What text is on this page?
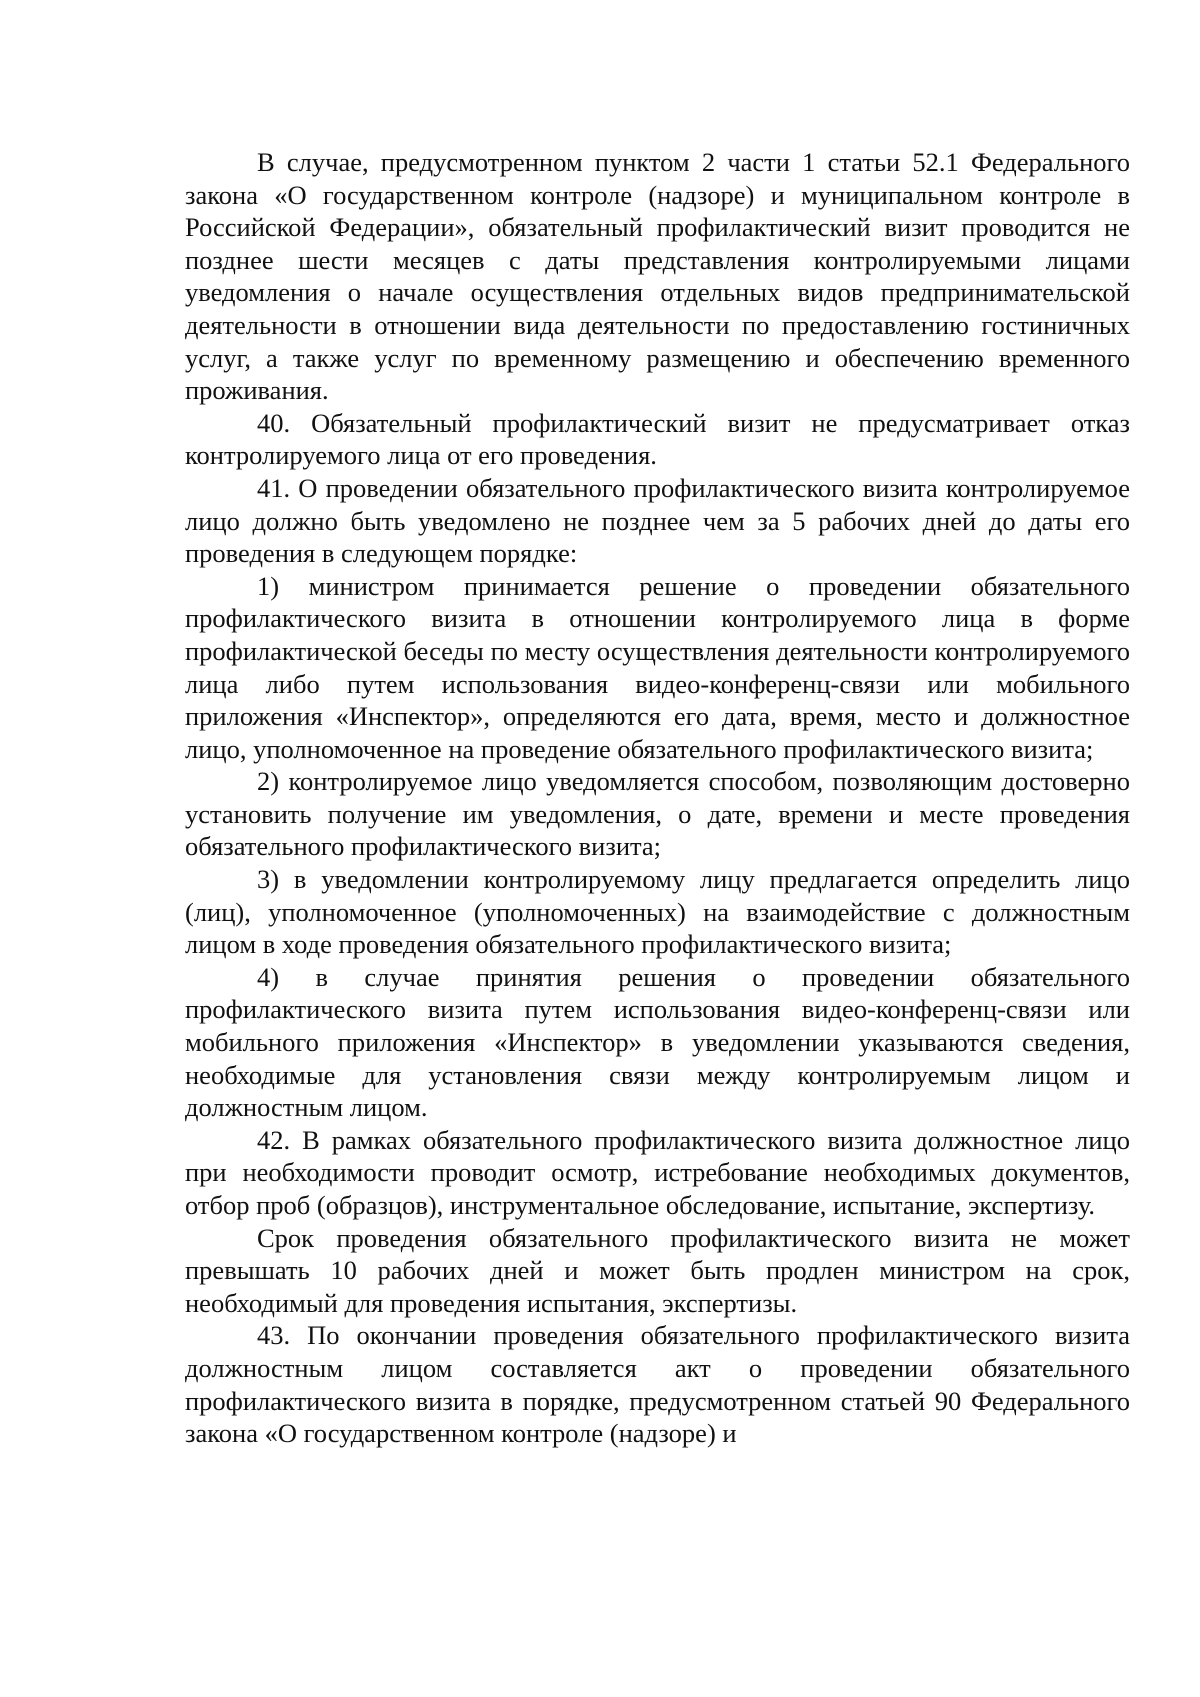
В случае, предусмотренном пунктом 2 части 1 статьи 52.1 Федерального закона «О государственном контроле (надзоре) и муниципальном контроле в Российской Федерации», обязательный профилактический визит проводится не позднее шести месяцев с даты представления контролируемыми лицами уведомления о начале осуществления отдельных видов предпринимательской деятельности в отношении вида деятельности по предоставлению гостиничных услуг, а также услуг по временному размещению и обеспечению временного проживания.

40. Обязательный профилактический визит не предусматривает отказ контролируемого лица от его проведения.

41. О проведении обязательного профилактического визита контролируемое лицо должно быть уведомлено не позднее чем за 5 рабочих дней до даты его проведения в следующем порядке:

1) министром принимается решение о проведении обязательного профилактического визита в отношении контролируемого лица в форме профилактической беседы по месту осуществления деятельности контролируемого лица либо путем использования видео-конференц-связи или мобильного приложения «Инспектор», определяются его дата, время, место и должностное лицо, уполномоченное на проведение обязательного профилактического визита;

2) контролируемое лицо уведомляется способом, позволяющим достоверно установить получение им уведомления, о дате, времени и месте проведения обязательного профилактического визита;

3) в уведомлении контролируемому лицу предлагается определить лицо (лиц), уполномоченное (уполномоченных) на взаимодействие с должностным лицом в ходе проведения обязательного профилактического визита;

4) в случае принятия решения о проведении обязательного профилактического визита путем использования видео-конференц-связи или мобильного приложения «Инспектор» в уведомлении указываются сведения, необходимые для установления связи между контролируемым лицом и должностным лицом.

42. В рамках обязательного профилактического визита должностное лицо при необходимости проводит осмотр, истребование необходимых документов, отбор проб (образцов), инструментальное обследование, испытание, экспертизу.

Срок проведения обязательного профилактического визита не может превышать 10 рабочих дней и может быть продлен министром на срок, необходимый для проведения испытания, экспертизы.

43. По окончании проведения обязательного профилактического визита должностным лицом составляется акт о проведении обязательного профилактического визита в порядке, предусмотренном статьей 90 Федерального закона «О государственном контроле (надзоре) и
